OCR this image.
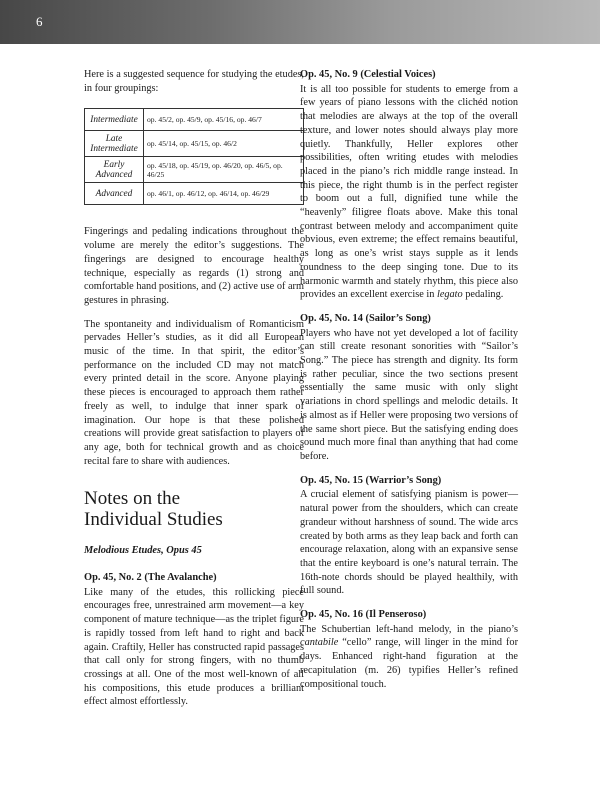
6

Here is a suggested sequence for studying the etudes, in four groupings:

Intermediate	op. 45/2, op. 45/9, op. 45/16, op. 46/7
Late Intermediate	op. 45/14, op. 45/15, op. 46/2
Early Advanced	op. 45/18, op. 45/19, op. 46/20, op. 46/5, op. 46/25
Advanced	op. 46/1, op. 46/12, op. 46/14, op. 46/29

Fingerings and pedaling indications throughout the volume are merely the editor’s suggestions. The fingerings are designed to encourage healthy technique, especially as regards (1) strong and comfortable hand positions, and (2) active use of arm gestures in phrasing.

The spontaneity and individualism of Romanticism pervades Heller’s studies, as it did all European music of the time. In that spirit, the editor’s performance on the included CD may not match every printed detail in the score. Anyone playing these pieces is encouraged to approach them rather freely as well, to indulge that inner spark of imagination. Our hope is that these polished creations will provide great satisfaction to players of any age, both for technical growth and as choice recital fare to share with audiences.

Notes on the
Individual Studies
Melodious Etudes, Opus 45
Op. 45, No. 2 (The Avalanche)

Like many of the etudes, this rollicking piece encourages free, unrestrained arm movement—a key component of mature technique—as the triplet figure is rapidly tossed from left hand to right and back again. Craftily, Heller has constructed rapid passages that call only for strong fingers, with no thumb crossings at all. One of the most well-known of all his compositions, this etude produces a brilliant effect almost effortlessly.

Op. 45, No. 9 (Celestial Voices)

It is all too possible for students to emerge from a few years of piano lessons with the clichéd notion that melodies are always at the top of the overall texture, and lower notes should always play more quietly. Thankfully, Heller explores other possibilities, often writing etudes with melodies placed in the piano’s rich middle range instead. In this piece, the right thumb is in the perfect register to boom out a full, dignified tune while the “heavenly” filigree floats above. Make this tonal contrast between melody and accompaniment quite obvious, even extreme; the effect remains beautiful, as long as one’s wrist stays supple as it lends roundness to the deep singing tone. Due to its harmonic warmth and stately rhythm, this piece also provides an excellent exercise in legato pedaling.

Op. 45, No. 14 (Sailor’s Song)

Players who have not yet developed a lot of facility can still create resonant sonorities with “Sailor’s Song.” The piece has strength and dignity. Its form is rather peculiar, since the two sections present essentially the same music with only slight variations in chord spellings and melodic details. It is almost as if Heller were proposing two versions of the same short piece. But the satisfying ending does sound much more final than anything that had come before.

Op. 45, No. 15 (Warrior’s Song)

A crucial element of satisfying pianism is power—natural power from the shoulders, which can create grandeur without harshness of sound. The wide arcs created by both arms as they leap back and forth can encourage relaxation, along with an expansive sense that the entire keyboard is one’s natural terrain. The 16th-note chords should be played healthily, with full sound.

Op. 45, No. 16 (Il Penseroso)

The Schubertian left-hand melody, in the piano’s cantabile “cello” range, will linger in the mind for days. Enhanced right-hand figuration at the recapitulation (m. 26) typifies Heller’s refined compositional touch.
